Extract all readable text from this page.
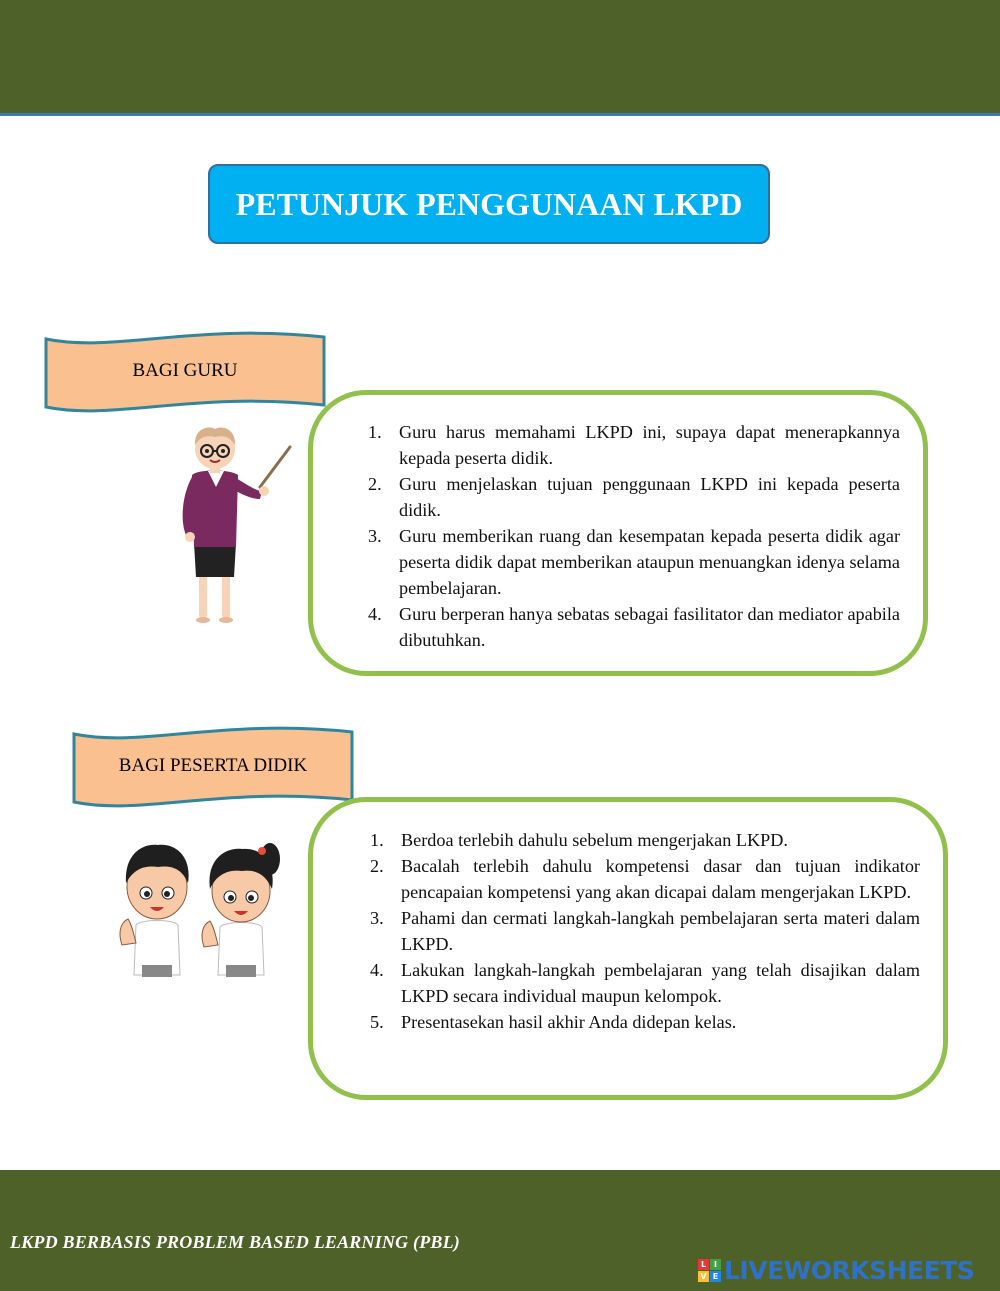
PETUNJUK PENGGUNAAN LKPD
BAGI GURU
BAGI PESERTA DIDIK
1. Guru harus memahami LKPD ini, supaya dapat menerapkannya kepada peserta didik.
2. Guru menjelaskan tujuan penggunaan LKPD ini kepada peserta didik.
3. Guru memberikan ruang dan kesempatan kepada peserta didik agar peserta didik dapat memberikan ataupun menuangkan idenya selama pembelajaran.
4. Guru berperan hanya sebatas sebagai fasilitator dan mediator apabila dibutuhkan.
1. Berdoa terlebih dahulu sebelum mengerjakan LKPD.
2. Bacalah terlebih dahulu kompetensi dasar dan tujuan indikator pencapaian kompetensi yang akan dicapai dalam mengerjakan LKPD.
3. Pahami dan cermati langkah-langkah pembelajaran serta materi dalam LKPD.
4. Lakukan langkah-langkah pembelajaran yang telah disajikan dalam LKPD secara individual maupun kelompok.
5. Presentasekan hasil akhir Anda didepan kelas.
LKPD BERBASIS PROBLEM BASED LEARNING (PBL)
L I
V E LIVEWORKSHEETS
